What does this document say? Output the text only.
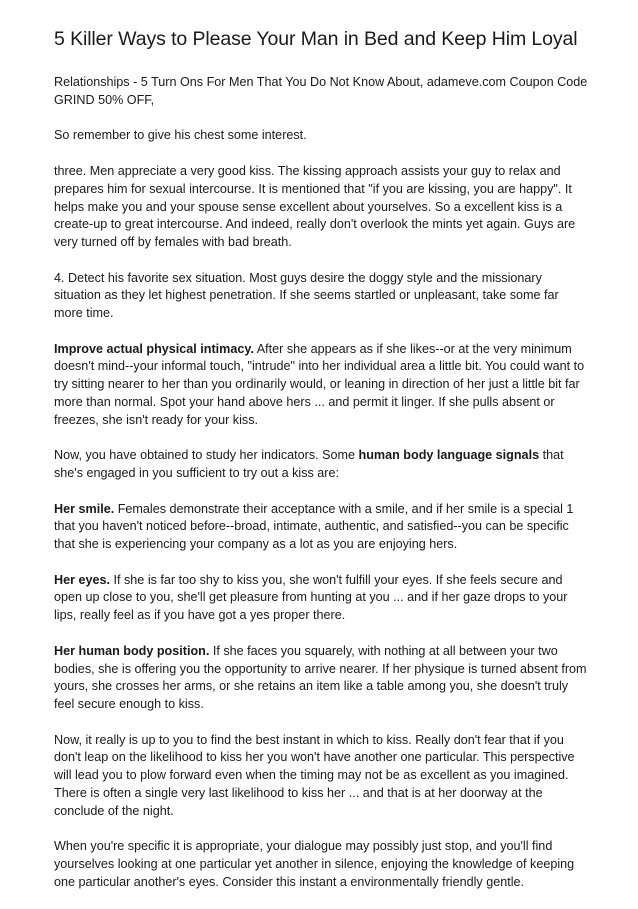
5 Killer Ways to Please Your Man in Bed and Keep Him Loyal

Relationships - 5 Turn Ons For Men That You Do Not Know About, adameve.com Coupon Code GRIND 50% OFF,

So remember to give his chest some interest.

three. Men appreciate a very good kiss. The kissing approach assists your guy to relax and prepares him for sexual intercourse. It is mentioned that "if you are kissing, you are happy". It helps make you and your spouse sense excellent about yourselves. So a excellent kiss is a create-up to great intercourse. And indeed, really don't overlook the mints yet again. Guys are very turned off by females with bad breath.

4. Detect his favorite sex situation. Most guys desire the doggy style and the missionary situation as they let highest penetration. If she seems startled or unpleasant, take some far more time.

Improve actual physical intimacy. After she appears as if she likes--or at the very minimum doesn't mind--your informal touch, "intrude" into her individual area a little bit. You could want to try sitting nearer to her than you ordinarily would, or leaning in direction of her just a little bit far more than normal. Spot your hand above hers ... and permit it linger. If she pulls absent or freezes, she isn't ready for your kiss.

Now, you have obtained to study her indicators. Some human body language signals that she's engaged in you sufficient to try out a kiss are:

Her smile. Females demonstrate their acceptance with a smile, and if her smile is a special 1 that you haven't noticed before--broad, intimate, authentic, and satisfied--you can be specific that she is experiencing your company as a lot as you are enjoying hers.

Her eyes. If she is far too shy to kiss you, she won't fulfill your eyes. If she feels secure and open up close to you, she'll get pleasure from hunting at you ... and if her gaze drops to your lips, really feel as if you have got a yes proper there.

Her human body position. If she faces you squarely, with nothing at all between your two bodies, she is offering you the opportunity to arrive nearer. If her physique is turned absent from yours, she crosses her arms, or she retains an item like a table among you, she doesn't truly feel secure enough to kiss.

Now, it really is up to you to find the best instant in which to kiss. Really don't fear that if you don't leap on the likelihood to kiss her you won't have another one particular. This perspective will lead you to plow forward even when the timing may not be as excellent as you imagined. There is often a single very last likelihood to kiss her ... and that is at her doorway at the conclude of the night.

When you're specific it is appropriate, your dialogue may possibly just stop, and you'll find yourselves looking at one particular yet another in silence, enjoying the knowledge of keeping one particular another's eyes. Consider this instant a environmentally friendly gentle.
